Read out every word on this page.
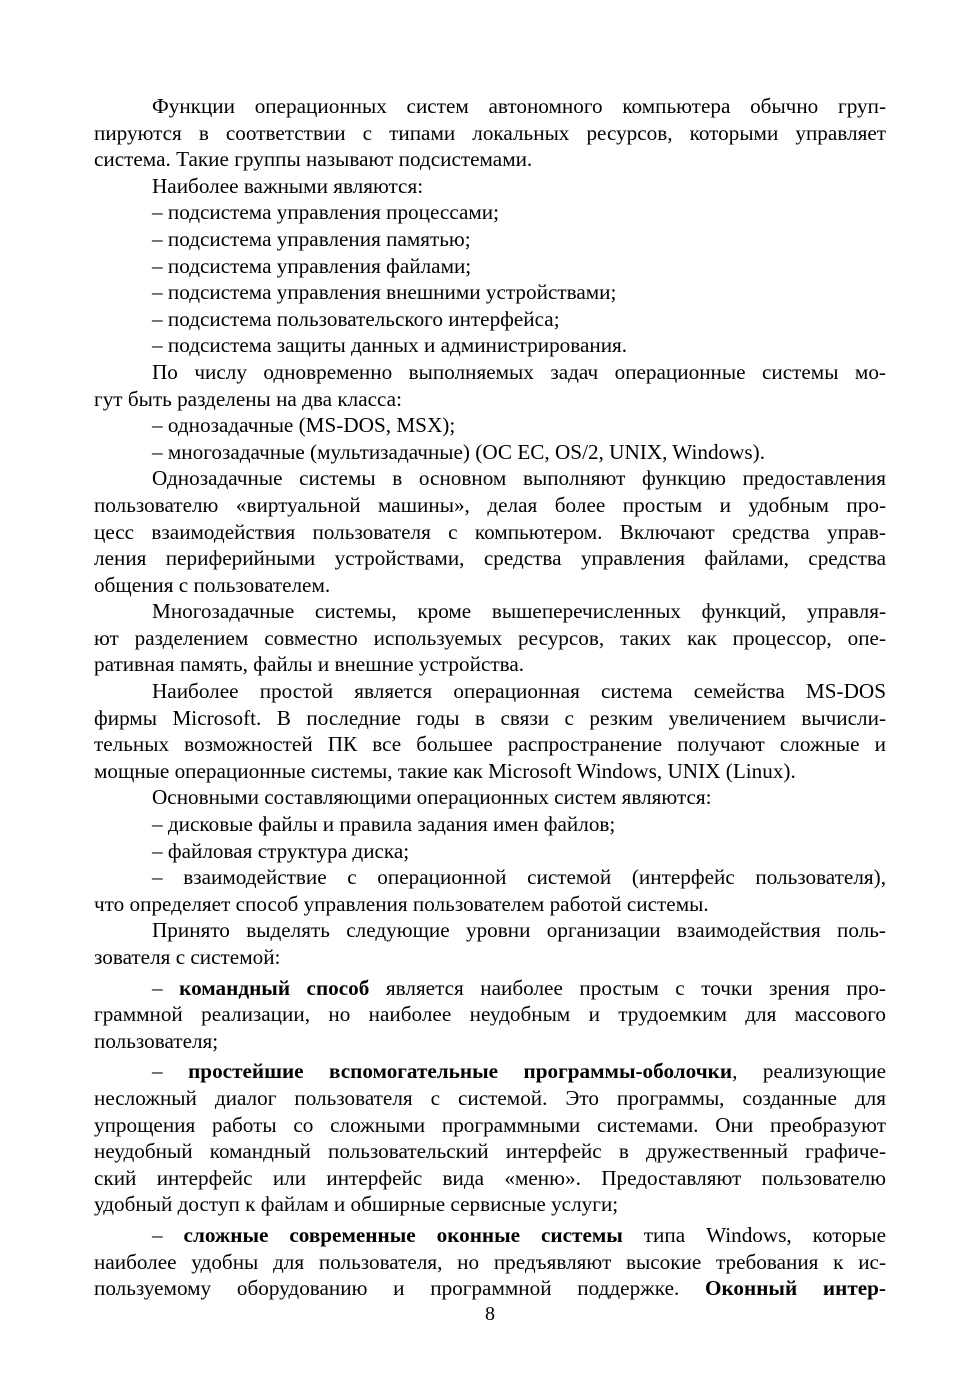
Функции операционных систем автономного компьютера обычно груп-
пируются в соответствии с типами локальных ресурсов, которыми управляет
система. Такие группы называют подсистемами.
Наиболее важными являются:
– подсистема управления процессами;
– подсистема управления памятью;
– подсистема управления файлами;
– подсистема управления внешними устройствами;
– подсистема пользовательского интерфейса;
– подсистема защиты данных и администрирования.
По числу одновременно выполняемых задач операционные системы мо-
гут быть разделены на два класса:
– однозадачные (MS-DOS, MSX);
– многозадачные (мультизадачные) (ОС ЕС, OS/2, UNIX, Windows).
Однозадачные системы в основном выполняют функцию предоставления
пользователю «виртуальной машины», делая более простым и удобным про-
цесс взаимодействия пользователя с компьютером. Включают средства управ-
ления периферийными устройствами, средства управления файлами, средства
общения с пользователем.
Многозадачные системы, кроме вышеперечисленных функций, управля-
ют разделением совместно используемых ресурсов, таких как процессор, опе-
ративная память, файлы и внешние устройства.
Наиболее простой является операционная система семейства MS-DOS
фирмы Microsoft. В последние годы в связи с резким увеличением вычисли-
тельных возможностей ПК все большее распространение получают сложные и
мощные операционные системы, такие как Microsoft Windows, UNIX (Linux).
Основными составляющими операционных систем являются:
– дисковые файлы и правила задания имен файлов;
– файловая структура диска;
– взаимодействие с операционной системой (интерфейс пользователя),
что определяет способ управления пользователем работой системы.
Принято выделять следующие уровни организации взаимодействия поль-
зователя с системой:
– командный способ является наиболее простым с точки зрения про-
граммной реализации, но наиболее неудобным и трудоемким для массового
пользователя;
– простейшие вспомогательные программы-оболочки, реализующие
несложный диалог пользователя с системой. Это программы, созданные для
упрощения работы со сложными программными системами. Они преобразуют
неудобный командный пользовательский интерфейс в дружественный графиче-
ский интерфейс или интерфейс вида «меню». Предоставляют пользователю
удобный доступ к файлам и обширные сервисные услуги;
– сложные современные оконные системы типа Windows, которые
наиболее удобны для пользователя, но предъявляют высокие требования к ис-
пользуемому оборудованию и программной поддержке. Оконный интер-
8
